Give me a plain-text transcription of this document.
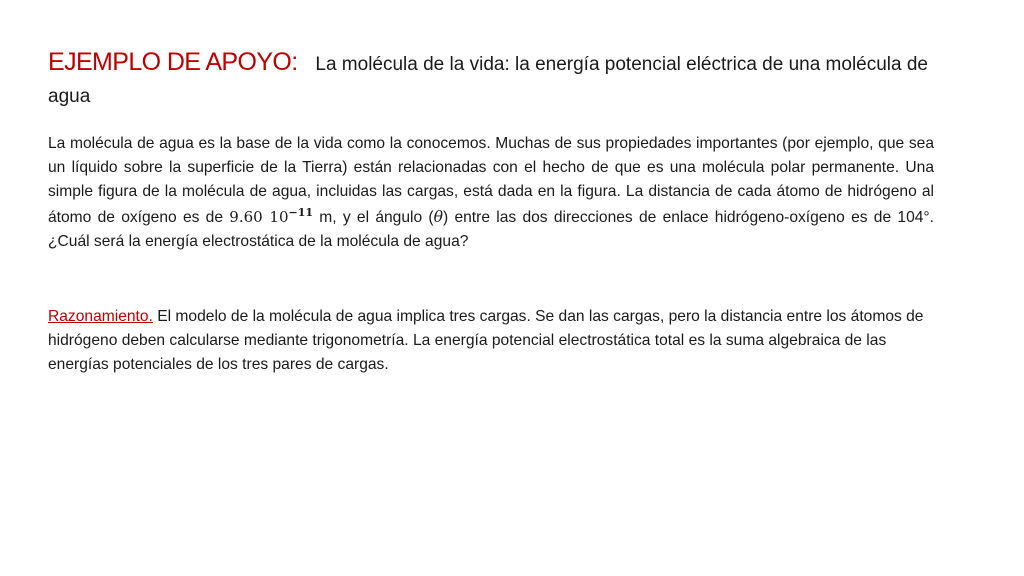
EJEMPLO DE APOYO: La molécula de la vida: la energía potencial eléctrica de una molécula de agua

La molécula de agua es la base de la vida como la conocemos. Muchas de sus propiedades importantes (por ejemplo, que sea un líquido sobre la superficie de la Tierra) están relacionadas con el hecho de que es una molécula polar permanente. Una simple figura de la molécula de agua, incluidas las cargas, está dada en la figura. La distancia de cada átomo de hidrógeno al átomo de oxígeno es de 9.60 $10^{-11}$ m, y el ángulo (θ) entre las dos direcciones de enlace hidrógeno-oxígeno es de 104°. ¿Cuál será la energía electrostática de la molécula de agua?

Razonamiento. El modelo de la molécula de agua implica tres cargas. Se dan las cargas, pero la distancia entre los átomos de hidrógeno deben calcularse mediante trigonometría. La energía potencial electrostática total es la suma algebraica de las energías potenciales de los tres pares de cargas.
